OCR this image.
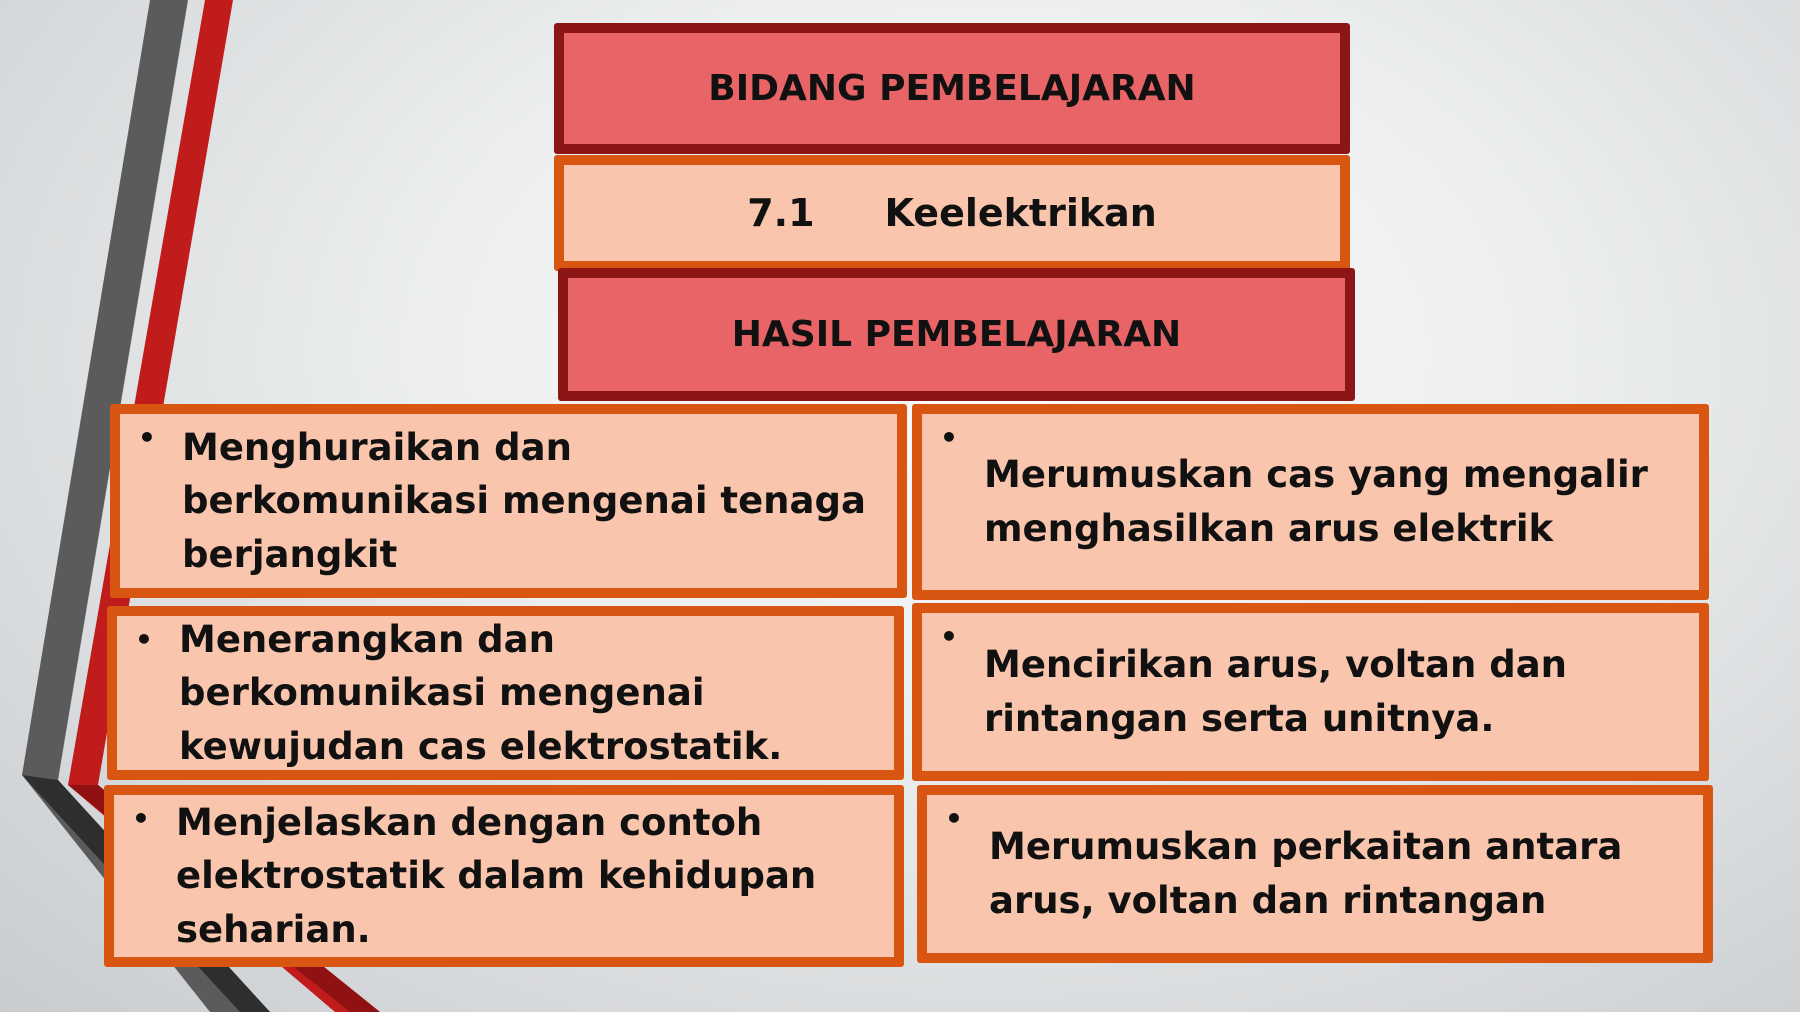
BIDANG PEMBELAJARAN
7.1 Keelektrikan
HASIL PEMBELAJARAN
• Menghuraikan dan berkomunikasi mengenai tenaga berjangkit
•
Merumuskan cas yang mengalir menghasilkan arus elektrik
• Menerangkan dan berkomunikasi mengenai kewujudan cas elektrostatik.
•
Mencirikan arus, voltan dan rintangan serta unitnya.
• Menjelaskan dengan contoh elektrostatik dalam kehidupan seharian.
•
Merumuskan perkaitan antara arus, voltan dan rintangan
